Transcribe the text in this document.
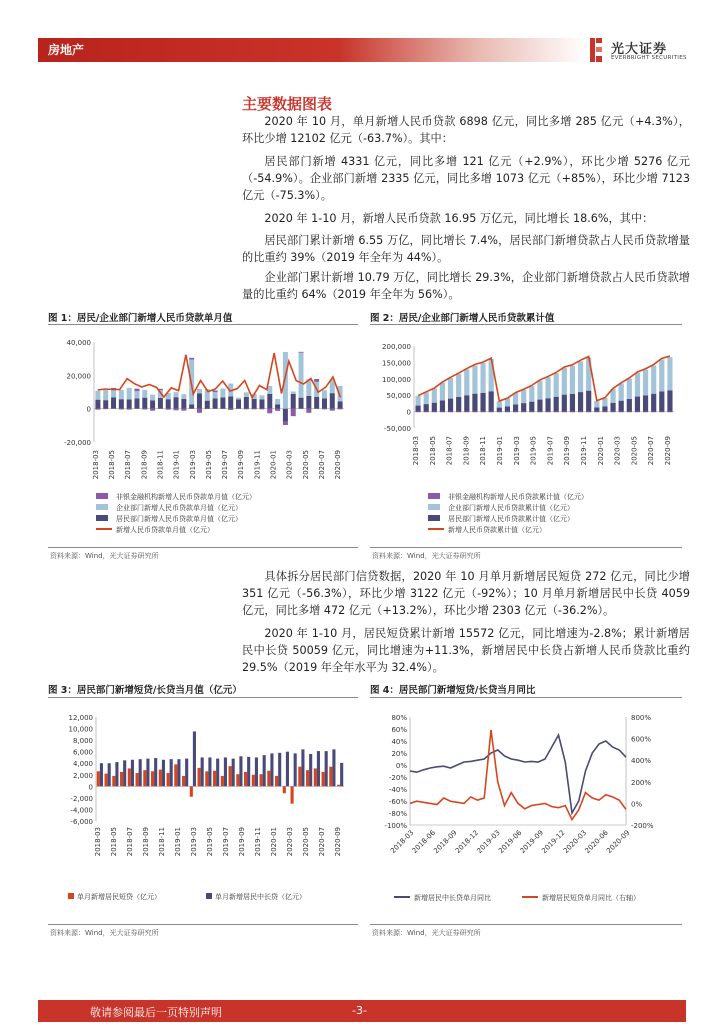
房地产	光大证券
EVERBRIGHT SECURITIES
主要数据图表
2020 年 10 月，单月新增人民币贷款 6898 亿元，同比多增 285 亿元（+4.3%），环比少增 12102 亿元（-63.7%）。其中：
居民部门新增 4331 亿元，同比多增 121 亿元（+2.9%），环比少增 5276 亿元（-54.9%）。企业部门新增 2335 亿元，同比多增 1073 亿元（+85%），环比少增 7123 亿元（-75.3%）。
2020 年 1-10 月，新增人民币贷款 16.95 万亿元，同比增长 18.6%，其中：
居民部门累计新增 6.55 万亿，同比增长 7.4%，居民部门新增贷款占人民币贷款增量的比重约 39%（2019 年全年为 44%）。
企业部门累计新增 10.79 万亿，同比增长 29.3%，企业部门新增贷款占人民币贷款增量的比重约 64%（2019 年全年为 56%）。
图 1：居民/企业部门新增人民币贷款单月值
40,000
20,000
0
-20,000
2018-03 2018-05 2018-07 2018-09 2018-11 2019-01 2019-03 2019-05 2019-07 2019-09 2019-11 2020-01 2020-03 2020-05 2020-07 2020-09
非银金融机构新增人民币贷款单月值（亿元）
企业部门新增人民币贷款单月值（亿元）
居民部门新增人民币贷款单月值（亿元）
新增人民币贷款单月值（亿元）
资料来源：Wind，光大证券研究所
图 2：居民/企业部门新增人民币贷款累计值
200,000
150,000
100,000
50,000
0
-50,000
2018-03 2018-05 2018-07 2018-09 2018-11 2019-01 2019-03 2019-05 2019-07 2019-09 2019-11 2020-01 2020-03 2020-05 2020-07 2020-09
非银金融机构新增人民币贷款累计值（亿元）
企业部门新增人民币贷款累计值（亿元）
居民部门新增人民币贷款累计值（亿元）
新增人民币贷款累计值（亿元）
资料来源：Wind，光大证券研究所
具体拆分居民部门信贷数据，2020 年 10 月单月新增居民短贷 272 亿元，同比少增 351 亿元（-56.3%），环比少增 3122 亿元（-92%）；10 月单月新增居民中长贷 4059 亿元，同比多增 472 亿元（+13.2%），环比少增 2303 亿元（-36.2%）。
2020 年 1-10 月，居民短贷累计新增 15572 亿元，同比增速为-2.8%；累计新增居民中长贷 50059 亿元，同比增速为+11.3%，新增居民中长贷占新增人民币贷款比重约 29.5%（2019 年全年水平为 32.4%）。
图 3：居民部门新增短贷/长贷当月值（亿元）
12,000
10,000
8,000
6,000
4,000
2,000
0
-2,000
-4,000
-6,000
2018-03 2018-05 2018-07 2018-09 2018-11 2019-01 2019-03 2019-05 2019-07 2019-09 2019-11 2020-01 2020-03 2020-05 2020-07 2020-09
单月新增居民短贷（亿元）	单月新增居民中长贷（亿元）
资料来源：Wind，光大证券研究所
图 4：居民部门新增短贷/长贷当月同比
80%
60%
40%
20%
0%
-20%
-40%
-60%
-80%
-100%
800%
600%
400%
200%
0%
-200%
2018-03
2018-06
2018-09
2018-12
2019-03
2019-06
2019-09
2019-12
2020-03
2020-06
2020-09
新增居民中长贷单月同比	新增居民短贷单月同比（右轴）
资料来源：Wind，光大证券研究所
敬请参阅最后一页特别声明	-3-
